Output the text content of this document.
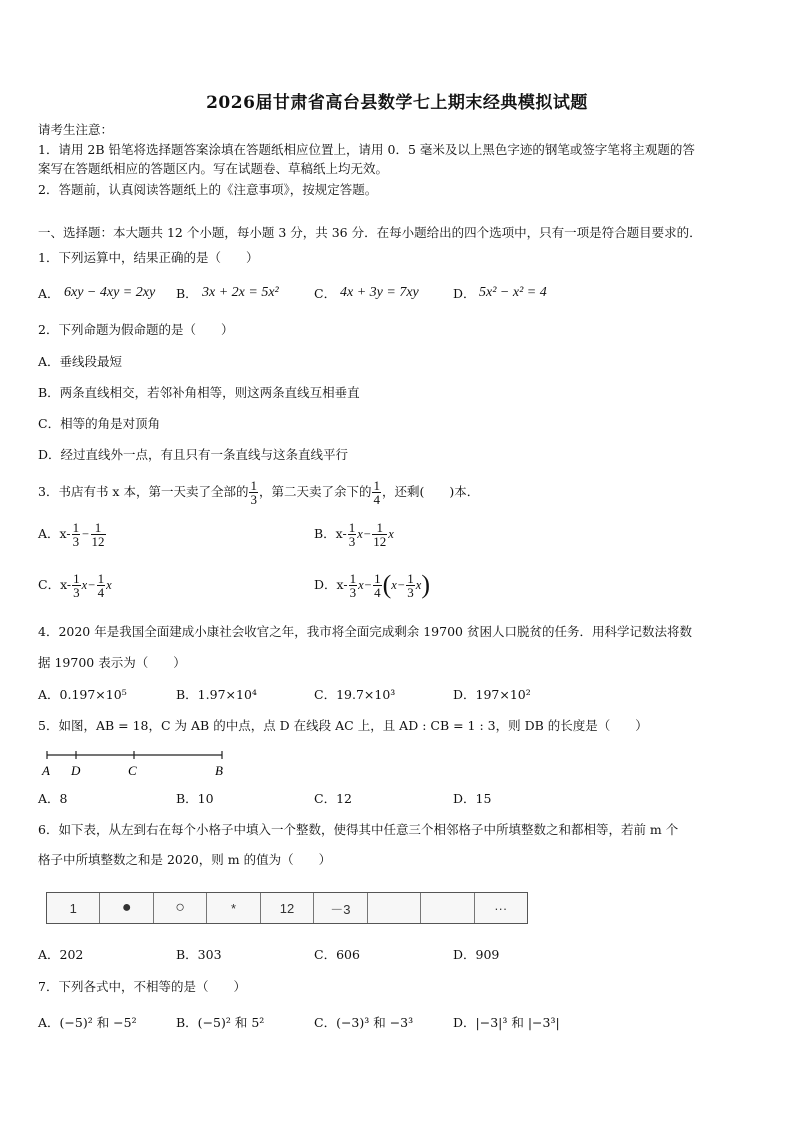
2026届甘肃省高台县数学七上期末经典模拟试题
请考生注意：
1．请用 2B 铅笔将选择题答案涂填在答题纸相应位置上，请用 0．5 毫米及以上黑色字迹的钢笔或签字笔将主观题的答
案写在答题纸相应的答题区内。写在试题卷、草稿纸上均无效。
2．答题前，认真阅读答题纸上的《注意事项》，按规定答题。
一、选择题：本大题共 12 个小题，每小题 3 分，共 36 分．在每小题给出的四个选项中，只有一项是符合题目要求的．
1．下列运算中，结果正确的是（　　）
A． 6xy − 4xy = 2xy B． 3x + 2x = 5x²	C． 4x + 3y = 7xy	D． 5x² − x² = 4
2．下列命题为假命题的是（　　）
A．垂线段最短
B．两条直线相交，若邻补角相等，则这两条直线互相垂直
C．相等的角是对顶角
D．经过直线外一点，有且只有一条直线与这条直线平行
3．书店有书 x 本，第一天卖了全部的 $\frac{1}{3}$ ，第二天卖了余下的 $\frac{1}{4}$ ，还剩(　　)本．
A．$x- \frac{1}{3} - \frac{1}{12}$	B．$x- \frac{1}{3}$ $x - \frac{1}{12}$ x
C．$x- \frac{1}{3}$ $x - \frac{1}{4}$ x	D．$x- \frac{1}{3}$ $x - \frac{1}{4}$ ( $x - \frac{1}{3}$ x )
4．2020 年是我国全面建成小康社会收官之年，我市将全面完成剩余 19700 贫困人口脱贫的任务．用科学记数法将数
据 19700 表示为（　　）
A．0.197×10⁵	B．1.97×10⁴	C．19.7×10³	D．197×10²
5．如图，AB = 18，C 为 AB 的中点，点 D 在线段 AC 上，且 AD : CB = 1 : 3，则 DB 的长度是（　　）
A D	C	B
A．8	B．10	C．12	D．15
6．如下表，从左到右在每个小格子中填入一个整数，使得其中任意三个相邻格子中所填整数之和都相等，若前 m 个
格子中所填整数之和是 2020，则 m 的值为（　　）
1	●	○	*	12	－3	···
A．202	B．303	C．606	D．909
7．下列各式中，不相等的是（　　）
A．(−5)² 和 −5²	B．(−5)² 和 5²	C．(−3)³ 和 −3³	D．|−3|³ 和 |−3³|
